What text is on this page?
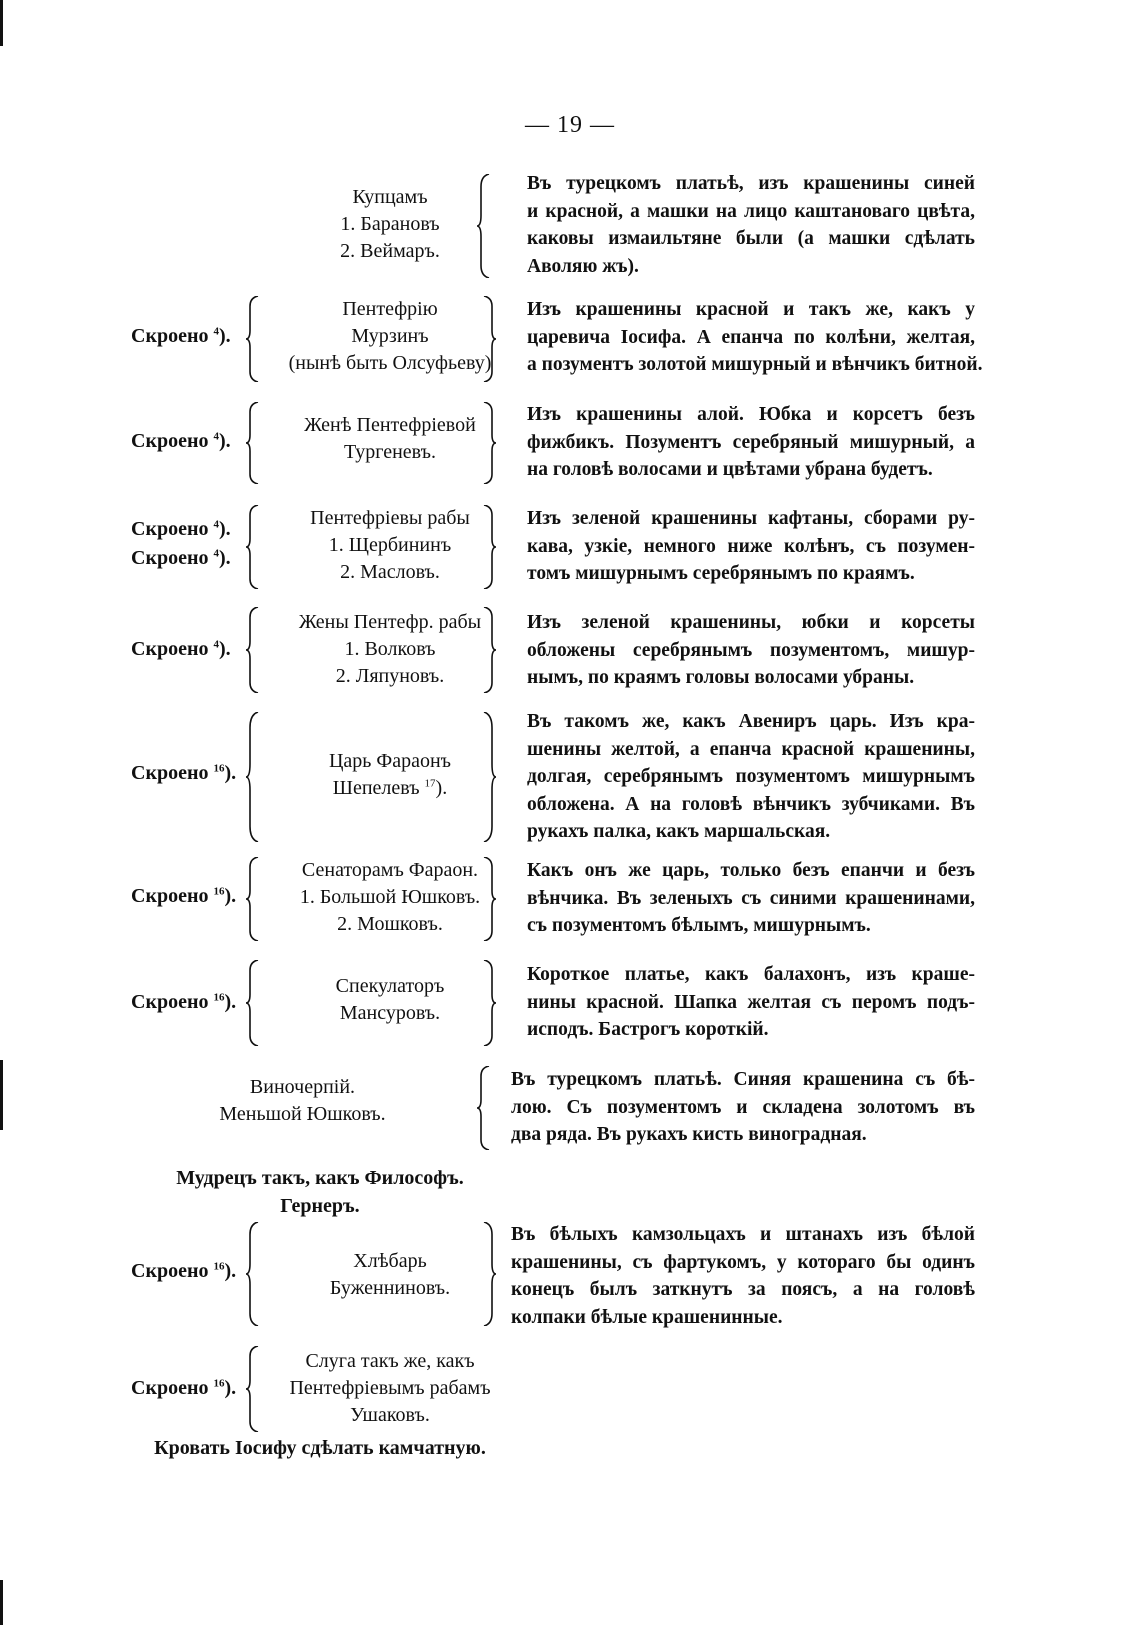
— 19 —
Купцамъ
1. Барановъ
2. Веймаръ.
Въ турецкомъ платьѣ, изъ крашенины синей
и красной, а машки на лицо каштановаго цвѣта,
каковы измаильтяне были (а машки сдѣлать
Аволяю жъ).
Скроено $^4$).
Пентефрію
Мурзинъ
(нынѣ быть Олсуфьеву)
Изъ крашенины красной и такъ же, какъ у
царевича Іосифа. А епанча по колѣни, желтая,
а позументъ золотой мишурный и вѣнчикъ битной.
Скроено $^4$).
Женѣ Пентефріевой
Тургеневъ.
Изъ крашенины алой. Юбка и корсетъ безъ
фижбикъ. Позументъ серебряный мишурный, а
на головѣ волосами и цвѣтами убрана будетъ.
Скроено $^4$).
Скроено $^4$).
Пентефріевы рабы
1. Щербининъ
2. Масловъ.
Изъ зеленой крашенины кафтаны, сборами ру-
кава, узкіе, немного ниже колѣнъ, съ позумен-
томъ мишурнымъ серебрянымъ по краямъ.
Скроено $^4$).
Жены Пентефр. рабы
1. Волковъ
2. Ляпуновъ.
Изъ зеленой крашенины, юбки и корсеты
обложены серебрянымъ позументомъ, мишур-
нымъ, по краямъ головы волосами убраны.
Скроено $^{16}$).
Царь Фараонъ
Шепелевъ $^{17}$).
Въ такомъ же, какъ Авениръ царь. Изъ кра-
шенины желтой, а епанча красной крашенины,
долгая, серебрянымъ позументомъ мишурнымъ
обложена. А на головѣ вѣнчикъ зубчиками. Въ
рукахъ палка, какъ маршальская.
Скроено $^{16}$).
Сенаторамъ Фараон.
1. Большой Юшковъ.
2. Мошковъ.
Какъ онъ же царь, только безъ епанчи и безъ
вѣнчика. Въ зеленыхъ съ синими крашенинами,
съ позументомъ бѣлымъ, мишурнымъ.
Скроено $^{16}$).
Спекулаторъ
Мансуровъ.
Короткое платье, какъ балахонъ, изъ краше-
нины красной. Шапка желтая съ перомъ подъ-
исподъ. Бастрогъ короткій.
Виночерпій.
Меньшой Юшковъ.
Въ турецкомъ платьѣ. Синяя крашенина съ бѣ-
лою. Съ позументомъ и складена золотомъ въ
два ряда. Въ рукахъ кисть виноградная.
Мудрецъ такъ, какъ Философъ.
Гернеръ.
Скроено $^{16}$).	Хлѣбарь
Буженниновъ.
Въ бѣлыхъ камзольцахъ и штанахъ изъ бѣлой
крашенины, съ фартукомъ, у котораго бы одинъ
конецъ былъ заткнутъ за поясъ, а на головѣ
колпаки бѣлые крашенинные.
Скроено $^{16}$).
Слуга такъ же, какъ
Пентефріевымъ рабамъ
Ушаковъ.
Кровать Іосифу сдѣлать камчатную.
